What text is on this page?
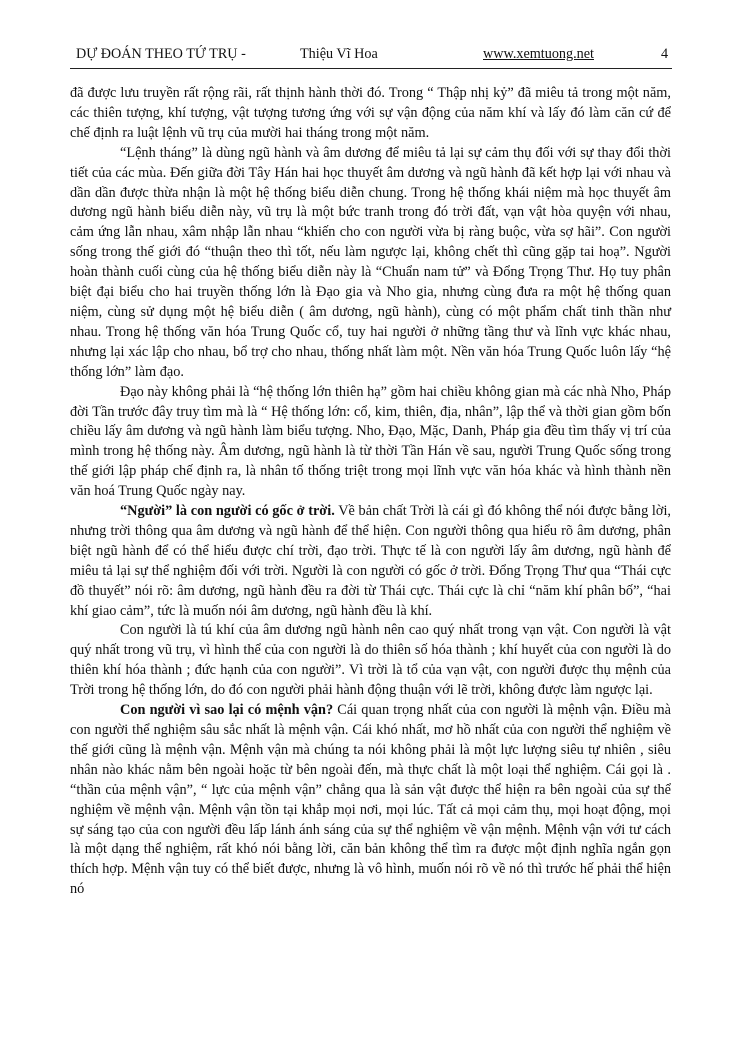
DỰ ĐOÁN THEO TỨ TRỤ -	Thiệu Vĩ Hoa	www.xemtuong.net	4

đã được lưu truyền rất rộng rãi, rất thịnh hành thời đó. Trong “ Thập nhị kỷ” đã miêu tả trong một năm, các thiên tượng, khí tượng, vật tượng tương ứng với sự vận động của năm khí và lấy đó làm căn cứ để chế định ra luật lệnh vũ trụ của mười hai tháng trong một năm.

“Lệnh tháng” là dùng ngũ hành và âm dương để miêu tả lại sự cảm thụ đối với sự thay đổi thời tiết của các mùa. Đến giữa đời Tây Hán hai học thuyết âm dương và ngũ hành đã kết hợp lại với nhau và dần dần được thừa nhận là một hệ thống biểu diễn chung. Trong hệ thống khái niệm mà học thuyết âm dương ngũ hành biểu diễn này, vũ trụ là một bức tranh trong đó trời đất, vạn vật hòa quyện với nhau, cảm ứng lẫn nhau, xâm nhập lẫn nhau “khiến cho con người vừa bị ràng buộc, vừa sợ hãi”. Con người sống trong thế giới đó “thuận theo thì tốt, nếu làm ngược lại, không chết thì cũng gặp tai hoạ”. Người hoàn thành cuối cùng của hệ thống biểu diễn này là “Chuẩn nam tử” và Đổng Trọng Thư. Họ tuy phân biệt đại biểu cho hai truyền thống lớn là Đạo gia và Nho gia, nhưng cùng đưa ra một hệ thống quan niệm, cùng sử dụng một hệ biểu diễn ( âm dương, ngũ hành), cùng có một phẩm chất tinh thần như nhau. Trong hệ thống văn hóa Trung Quốc cổ, tuy hai người ở những tầng thư và lĩnh vực khác nhau, nhưng lại xác lập cho nhau, bổ trợ cho nhau, thống nhất làm một. Nền văn hóa Trung Quốc luôn lấy “hệ thống lớn” làm đạo.

Đạo này không phải là “hệ thống lớn thiên hạ” gồm hai chiều không gian mà các nhà Nho, Pháp đời Tần trước đây truy tìm mà là “ Hệ thống lớn: cổ, kim, thiên, địa, nhân”, lập thể và thời gian gồm bốn chiều lấy âm dương và ngũ hành làm biểu tượng. Nho, Đạo, Mặc, Danh, Pháp gia đều tìm thấy vị trí của mình trong hệ thống này. Âm dương, ngũ hành là từ thời Tần Hán về sau, người Trung Quốc sống trong thế giới lập pháp chế định ra, là nhân tố thống triệt trong mọi lĩnh vực văn hóa khác và hình thành nền văn hoá Trung Quốc ngày nay.

“Người” là con người có gốc ở trời. Về bản chất Trời là cái gì đó không thể nói được bằng lời, nhưng trời thông qua âm dương và ngũ hành để thể hiện. Con người thông qua hiểu rõ âm dương, phân biệt ngũ hành để có thể hiểu được chí trời, đạo trời. Thực tế là con người lấy âm dương, ngũ hành để miêu tả lại sự thể nghiệm đối với trời. Người là con người có gốc ở trời. Đổng Trọng Thư qua “Thái cực đồ thuyết” nói rõ: âm dương, ngũ hành đều ra đời từ Thái cực. Thái cực là chỉ “năm khí phân bố”, “hai khí giao cảm”, tức là muốn nói âm dương, ngũ hành đều là khí.

Con người là tú khí của âm dương ngũ hành nên cao quý nhất trong vạn vật. Con người là vật quý nhất trong vũ trụ, vì hình thể của con người là do thiên số hóa thành ; khí huyết của con người là do thiên khí hóa thành ; đức hạnh của con người”. Vì trời là tổ của vạn vật, con người được thụ mệnh của Trời trong hệ thống lớn, do đó con người phải hành động thuận với lẽ trời, không được làm ngược lại.

Con người vì sao lại có mệnh vận? Cái quan trọng nhất của con người là mệnh vận. Điều mà con người thể nghiệm sâu sắc nhất là mệnh vận. Cái khó nhất, mơ hồ nhất của con người thể nghiệm về thế giới cũng là mệnh vận. Mệnh vận mà chúng ta nói không phải là một lực lượng siêu tự nhiên , siêu nhân nào khác nằm bên ngoài hoặc từ bên ngoài đến, mà thực chất là một loại thể nghiệm. Cái gọi là . “thần của mệnh vận”, “ lực của mệnh vận” chẳng qua là sản vật được thể hiện ra bên ngoài của sự thể nghiệm về mệnh vận. Mệnh vận tồn tại khắp mọi nơi, mọi lúc. Tất cả mọi cảm thụ, mọi hoạt động, mọi sự sáng tạo của con người đều lấp lánh ánh sáng của sự thể nghiệm về vận mệnh. Mệnh vận với tư cách là một dạng thể nghiệm, rất khó nói bằng lời, căn bản không thể tìm ra được một định nghĩa ngắn gọn thích hợp. Mệnh vận tuy có thể biết được, nhưng là vô hình, muốn nói rõ về nó thì trước hế phải thể hiện nó
